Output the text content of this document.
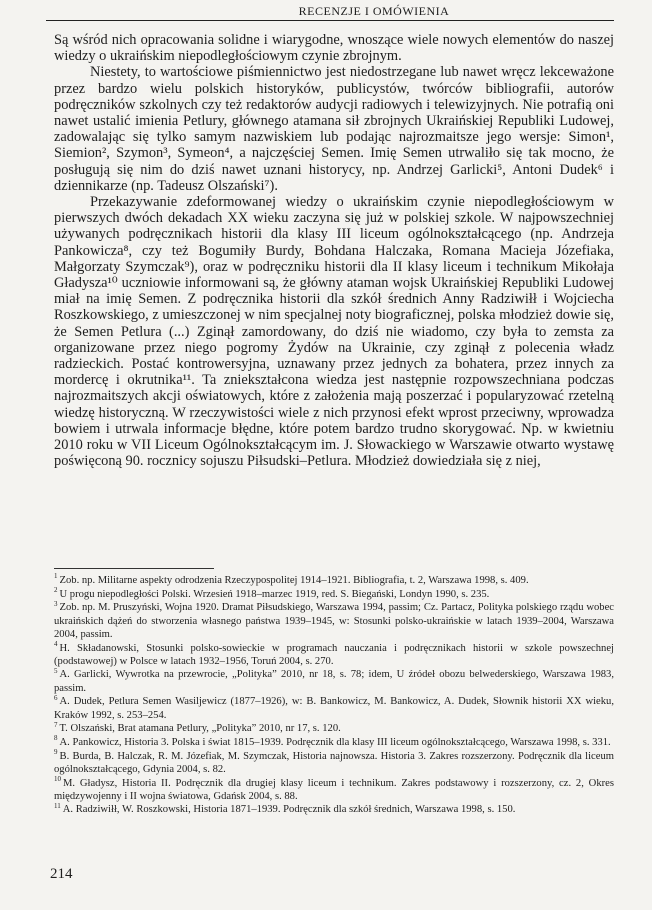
RECENZJE I OMÓWIENIA

Są wśród nich opracowania solidne i wiarygodne, wnoszące wiele nowych elementów do naszej wiedzy o ukraińskim niepodległościowym czynie zbrojnym.

Niestety, to wartościowe piśmiennictwo jest niedostrzegane lub nawet wręcz lekceważone przez bardzo wielu polskich historyków, publicystów, twórców bibliografii, autorów podręczników szkolnych czy też redaktorów audycji radiowych i telewizyjnych. Nie potrafią oni nawet ustalić imienia Petlury, głównego atamana sił zbrojnych Ukraińskiej Republiki Ludowej, zadowalając się tylko samym nazwiskiem lub podając najrozmaitsze jego wersje: Simon¹, Siemion², Szymon³, Symeon⁴, a najczęściej Semen. Imię Semen utrwaliło się tak mocno, że posługują się nim do dziś nawet uznani historycy, np. Andrzej Garlicki⁵, Antoni Dudek⁶ i dziennikarze (np. Tadeusz Olszański⁷).

Przekazywanie zdeformowanej wiedzy o ukraińskim czynie niepodległościowym w pierwszych dwóch dekadach XX wieku zaczyna się już w polskiej szkole. W najpowszechniej używanych podręcznikach historii dla klasy III liceum ogólnokształcącego (np. Andrzeja Pankowicza⁸, czy też Bogumiły Burdy, Bohdana Halczaka, Romana Macieja Józefiaka, Małgorzaty Szymczak⁹), oraz w podręczniku historii dla II klasy liceum i technikum Mikołaja Gładysza¹⁰ uczniowie informowani są, że główny ataman wojsk Ukraińskiej Republiki Ludowej miał na imię Semen. Z podręcznika historii dla szkół średnich Anny Radziwiłł i Wojciecha Roszkowskiego, z umieszczonej w nim specjalnej noty biograficznej, polska młodzież dowie się, że Semen Petlura (...) Zginął zamordowany, do dziś nie wiadomo, czy była to zemsta za organizowane przez niego pogromy Żydów na Ukrainie, czy zginął z polecenia władz radzieckich. Postać kontrowersyjna, uznawany przez jednych za bohatera, przez innych za mordercę i okrutnika¹¹. Ta zniekształcona wiedza jest następnie rozpowszechniana podczas najrozmaitszych akcji oświatowych, które z założenia mają poszerzać i popularyzować rzetelną wiedzę historyczną. W rzeczywistości wiele z nich przynosi efekt wprost przeciwny, wprowadza bowiem i utrwala informacje błędne, które potem bardzo trudno skorygować. Np. w kwietniu 2010 roku w VII Liceum Ogólnokształcącym im. J. Słowackiego w Warszawie otwarto wystawę poświęconą 90. rocznicy sojuszu Piłsudski–Petlura. Młodzież dowiedziała się z niej,

$^1$ Zob. np. Militarne aspekty odrodzenia Rzeczypospolitej 1914–1921. Bibliografia, t. 2, Warszawa 1998, s. 409.

$^2$ U progu niepodległości Polski. Wrzesień 1918–marzec 1919, red. S. Biegański, Londyn 1990, s. 235.

$^3$ Zob. np. M. Pruszyński, Wojna 1920. Dramat Piłsudskiego, Warszawa 1994, passim; Cz. Partacz, Polityka polskiego rządu wobec ukraińskich dążeń do stworzenia własnego państwa 1939–1945, w: Stosunki polsko-ukraińskie w latach 1939–2004, Warszawa 2004, passim.

$^4$ H. Składanowski, Stosunki polsko-sowieckie w programach nauczania i podręcznikach historii w szkole powszechnej (podstawowej) w Polsce w latach 1932–1956, Toruń 2004, s. 270.

$^5$ A. Garlicki, Wywrotka na przewrocie, „Polityka” 2010, nr 18, s. 78; idem, U źródeł obozu belwederskiego, Warszawa 1983, passim.

$^6$ A. Dudek, Petlura Semen Wasiljewicz (1877–1926), w: B. Bankowicz, M. Bankowicz, A. Dudek, Słownik historii XX wieku, Kraków 1992, s. 253–254.

$^7$ T. Olszański, Brat atamana Petlury, „Polityka” 2010, nr 17, s. 120.

$^8$ A. Pankowicz, Historia 3. Polska i świat 1815–1939. Podręcznik dla klasy III liceum ogólnokształcącego, Warszawa 1998, s. 331.

$^9$ B. Burda, B. Halczak, R. M. Józefiak, M. Szymczak, Historia najnowsza. Historia 3. Zakres rozszerzony. Podręcznik dla liceum ogólnokształcącego, Gdynia 2004, s. 82.

$^{10}$ M. Gładysz, Historia II. Podręcznik dla drugiej klasy liceum i technikum. Zakres podstawowy i rozszerzony, cz. 2, Okres międzywojenny i II wojna światowa, Gdańsk 2004, s. 88.

$^{11}$ A. Radziwiłł, W. Roszkowski, Historia 1871–1939. Podręcznik dla szkół średnich, Warszawa 1998, s. 150.

214
